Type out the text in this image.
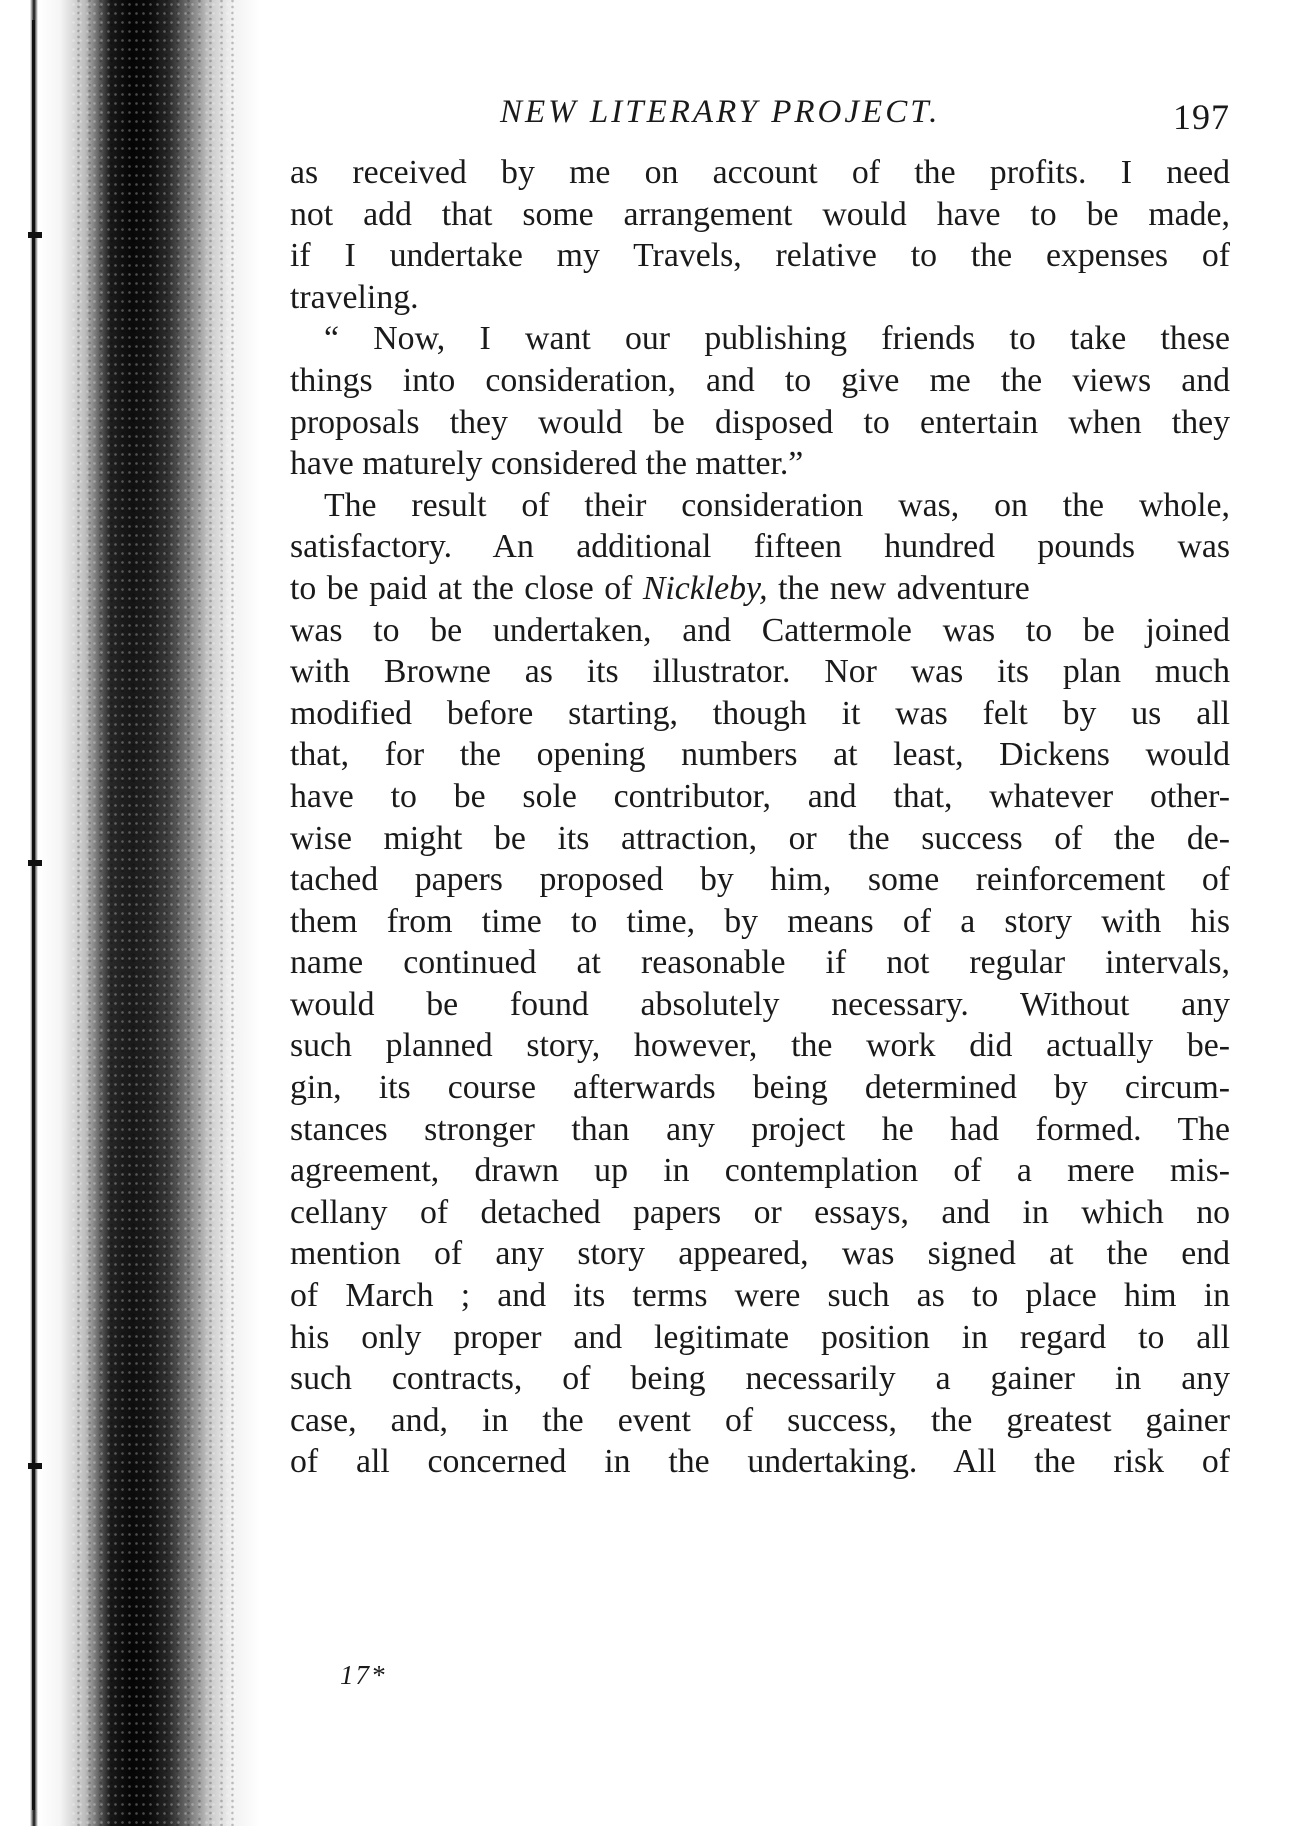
NEW LITERARY PROJECT.	197
as received by me on account of the profits. I need
not add that some arrangement would have to be made,
if I undertake my Travels, relative to the expenses of
traveling.
“ Now, I want our publishing friends to take these
things into consideration, and to give me the views and
proposals they would be disposed to entertain when they
have maturely considered the matter.”
The result of their consideration was, on the whole,
satisfactory. An additional fifteen hundred pounds was
to be paid at the close of Nickleby, the new adventure
was to be undertaken, and Cattermole was to be joined
with Browne as its illustrator. Nor was its plan much
modified before starting, though it was felt by us all
that, for the opening numbers at least, Dickens would
have to be sole contributor, and that, whatever other-
wise might be its attraction, or the success of the de-
tached papers proposed by him, some reinforcement of
them from time to time, by means of a story with his
name continued at reasonable if not regular intervals,
would be found absolutely necessary. Without any
such planned story, however, the work did actually be-
gin, its course afterwards being determined by circum-
stances stronger than any project he had formed. The
agreement, drawn up in contemplation of a mere mis-
cellany of detached papers or essays, and in which no
mention of any story appeared, was signed at the end
of March ; and its terms were such as to place him in
his only proper and legitimate position in regard to all
such contracts, of being necessarily a gainer in any
case, and, in the event of success, the greatest gainer
of all concerned in the undertaking. All the risk of
17*
